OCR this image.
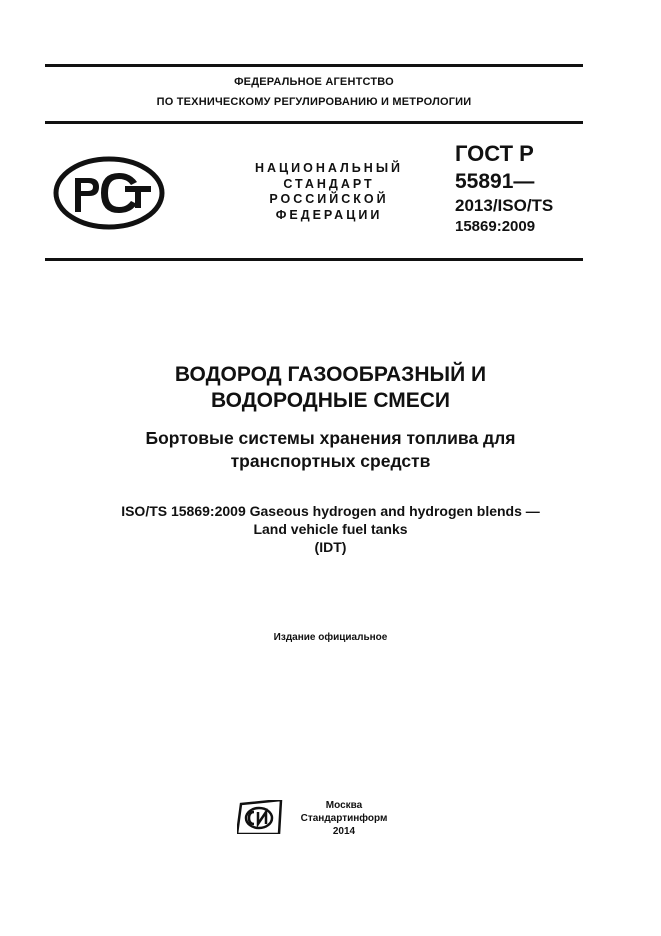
ФЕДЕРАЛЬНОЕ АГЕНТСТВО
ПО ТЕХНИЧЕСКОМУ РЕГУЛИРОВАНИЮ И МЕТРОЛОГИИ
НАЦИОНАЛЬНЫЙ
СТАНДАРТ
РОССИЙСКОЙ
ФЕДЕРАЦИИ
ГОСТ Р
55891—
2013/ISO/TS
15869:2009
ВОДОРОД ГАЗООБРАЗНЫЙ И
ВОДОРОДНЫЕ СМЕСИ
Бортовые системы хранения топлива для
транспортных средств
ISO/TS 15869:2009 Gaseous hydrogen and hydrogen blends —
Land vehicle fuel tanks
(IDT)
Издание официальное
Москва
Стандартинформ
2014
